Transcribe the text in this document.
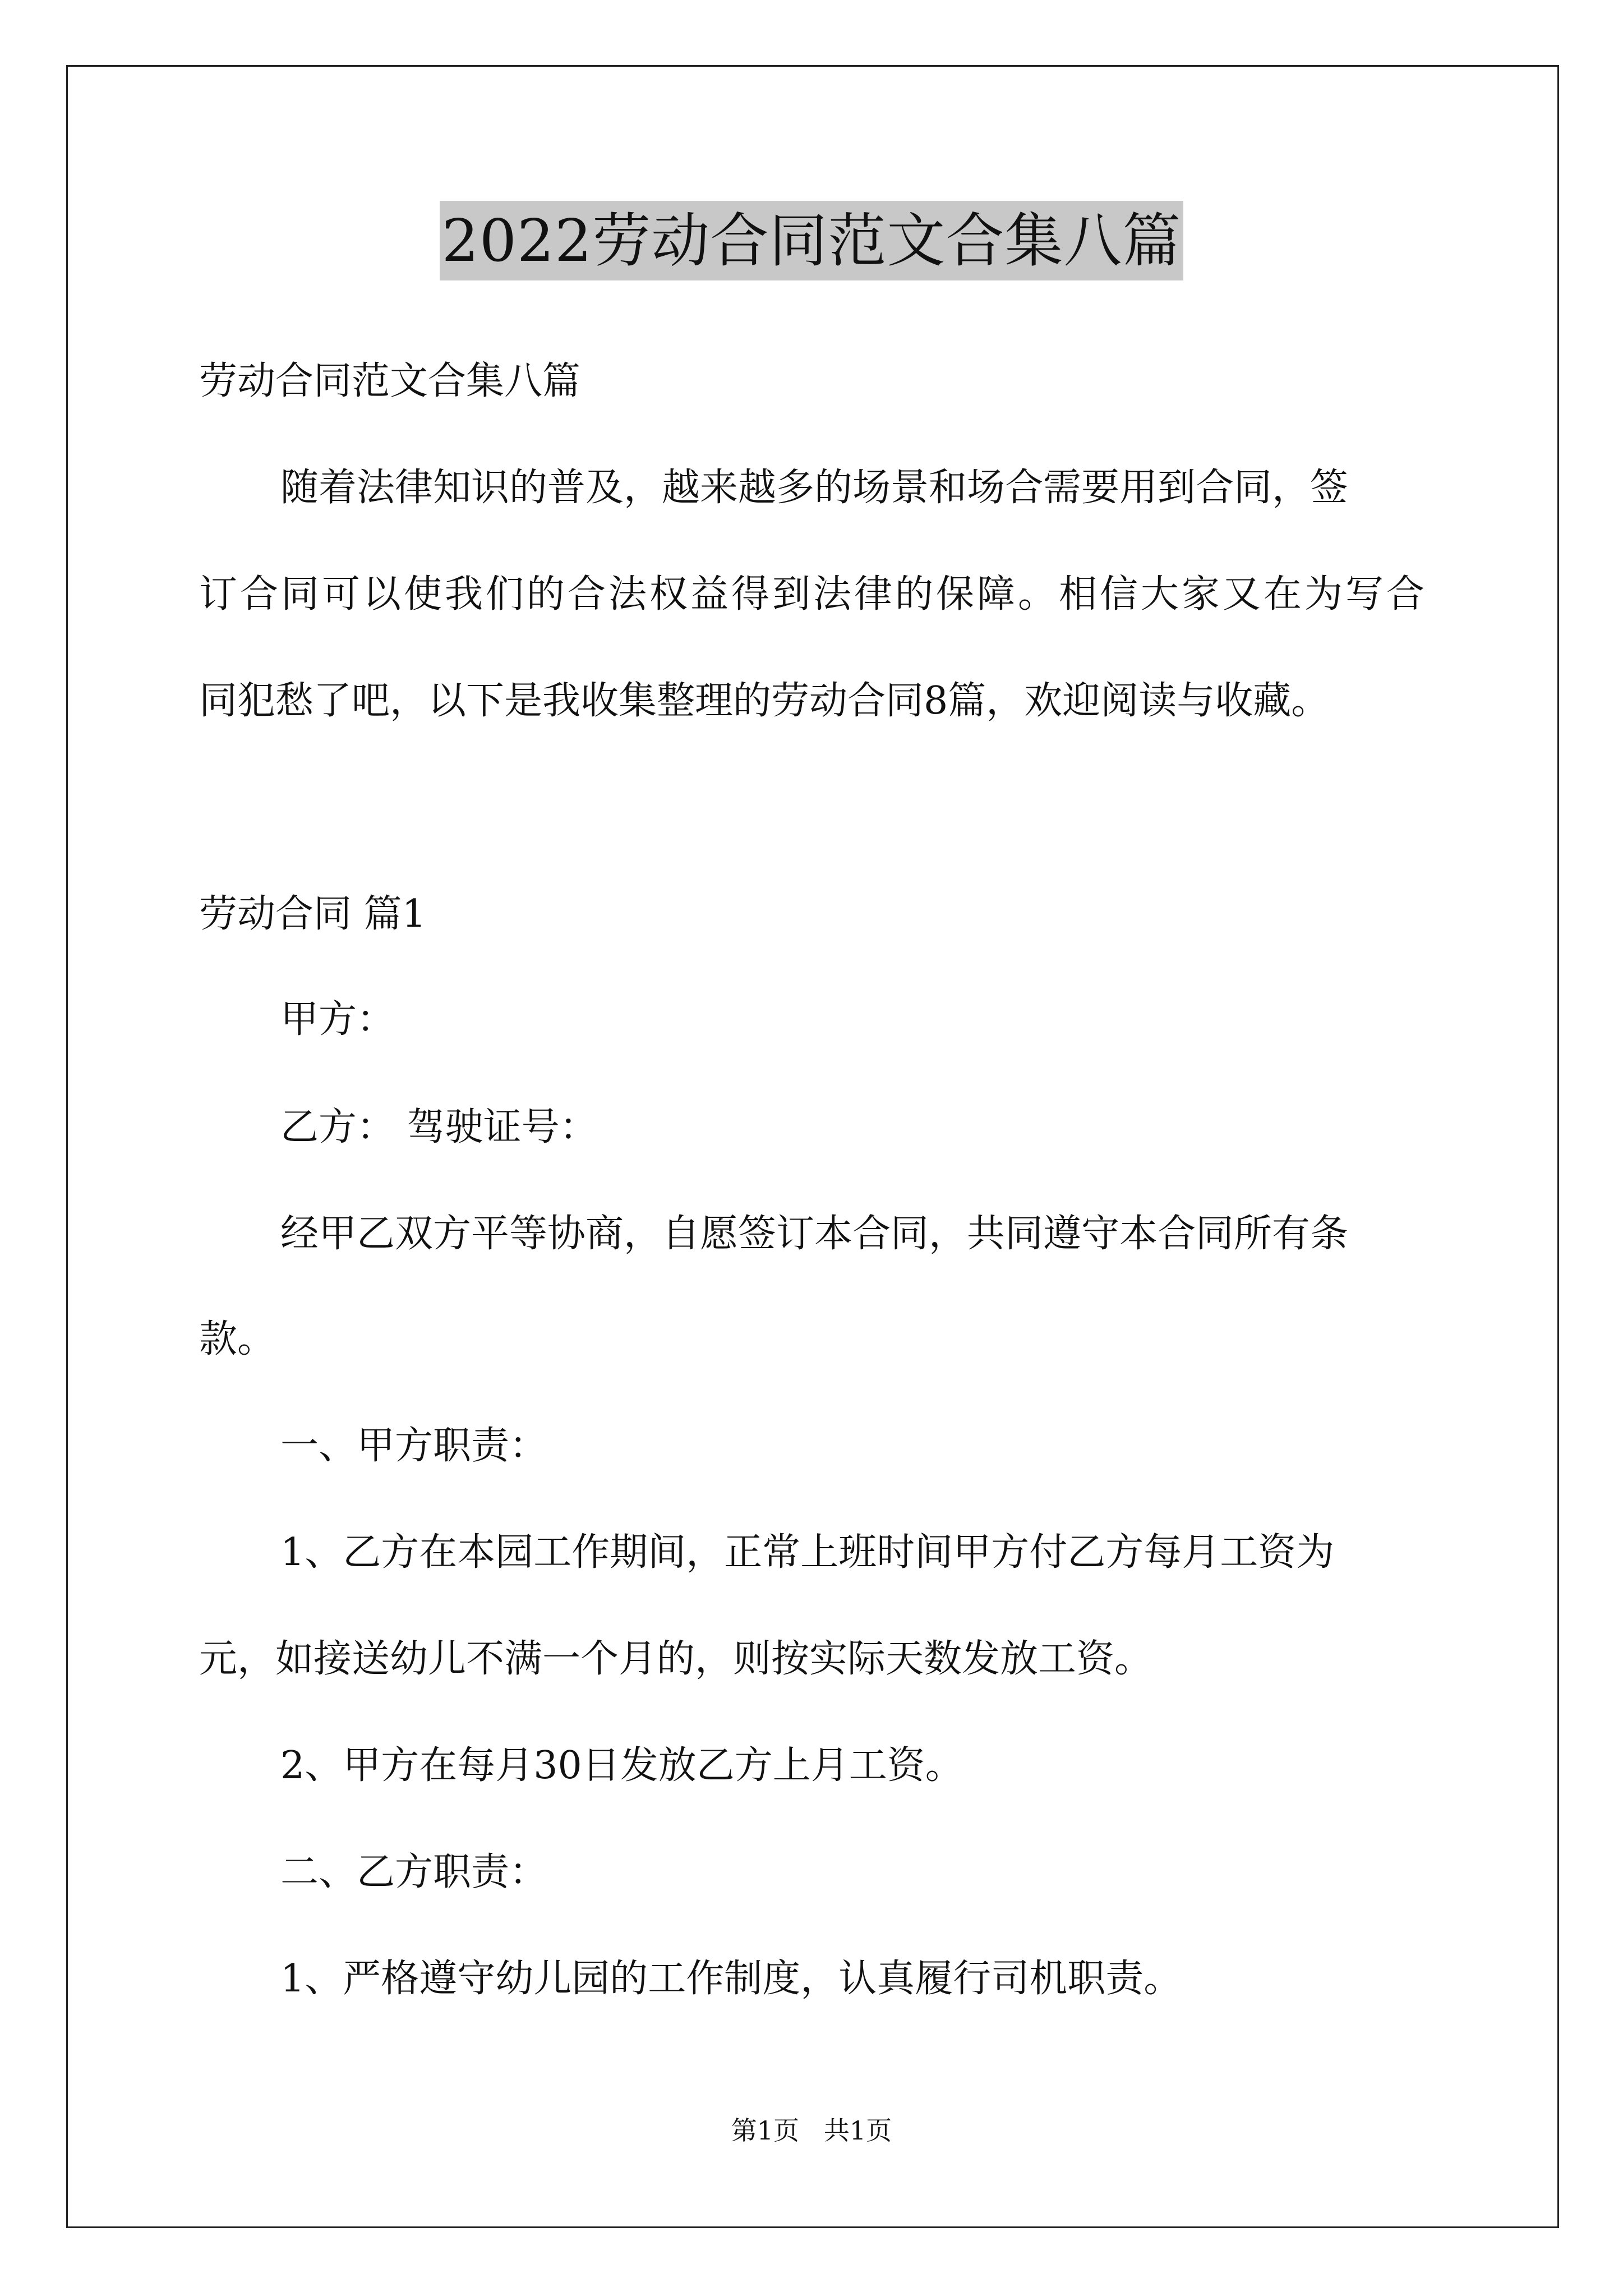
2022劳动合同范文合集八篇
劳动合同范文合集八篇
随着法律知识的普及，越来越多的场景和场合需要用到合同，签
订合同可以使我们的合法权益得到法律的保障。相信大家又在为写合
同犯愁了吧，以下是我收集整理的劳动合同8篇，欢迎阅读与收藏。
劳动合同 篇1
甲方：
乙方： 驾驶证号：
经甲乙双方平等协商，自愿签订本合同，共同遵守本合同所有条
款。
一、甲方职责：
1、乙方在本园工作期间，正常上班时间甲方付乙方每月工资为
元，如接送幼儿不满一个月的，则按实际天数发放工资。
2、甲方在每月30日发放乙方上月工资。
二、乙方职责：
1、严格遵守幼儿园的工作制度，认真履行司机职责。
第1页   共1页
